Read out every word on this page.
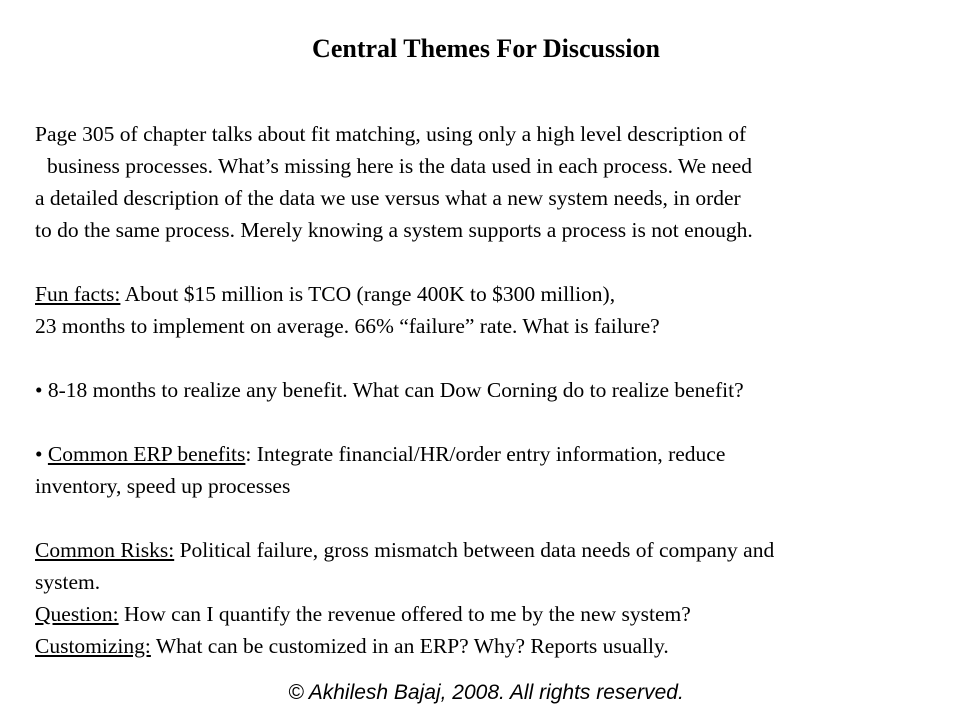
Central Themes For Discussion
Page 305 of chapter talks about fit matching, using only a high level description of
business processes. What’s missing here is the data used in each process. We need
a detailed description of the data we use versus what a new system needs, in order
to do the same process. Merely knowing a system supports a process is not enough.
Fun facts: About $15 million is TCO (range 400K to $300 million),
23 months to implement on average. 66% “failure” rate. What is failure?
• 8-18 months to realize any benefit. What can Dow Corning do to realize benefit?
• Common ERP benefits: Integrate financial/HR/order entry information, reduce
inventory, speed up processes
Common Risks: Political failure, gross mismatch between data needs of company and
system.
Question: How can I quantify the revenue offered to me by the new system?
Customizing: What can be customized in an ERP? Why? Reports usually.
© Akhilesh Bajaj, 2008. All rights reserved.
